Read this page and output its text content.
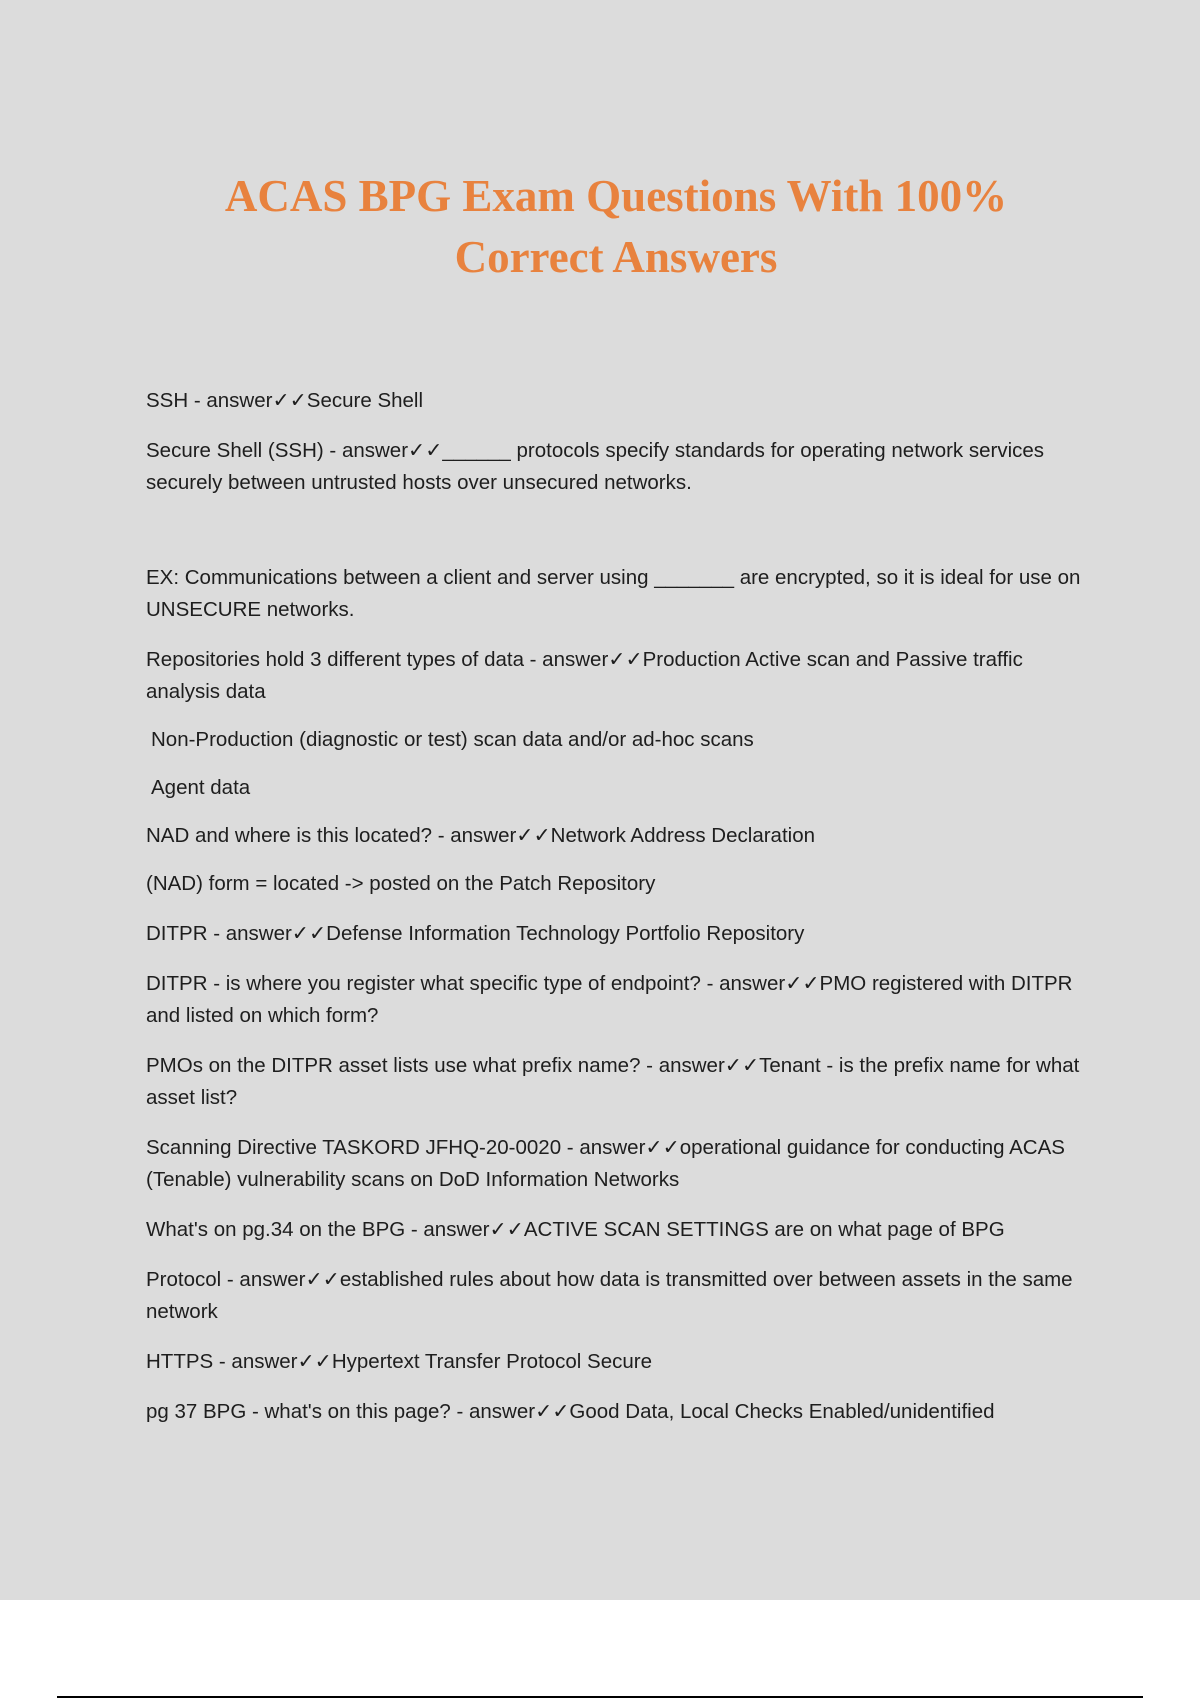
ACAS BPG Exam Questions With 100%
Correct Answers

SSH - answer✓✓Secure Shell

Secure Shell (SSH) - answer✓✓______ protocols specify standards for operating network services securely between untrusted hosts over unsecured networks.

EX: Communications between a client and server using _______ are encrypted, so it is ideal for use on UNSECURE networks.

Repositories hold 3 different types of data - answer✓✓Production Active scan and Passive traffic analysis data

Non-Production (diagnostic or test) scan data and/or ad-hoc scans

Agent data

NAD and where is this located? - answer✓✓Network Address Declaration

(NAD) form = located -> posted on the Patch Repository

DITPR - answer✓✓Defense Information Technology Portfolio Repository

DITPR - is where you register what specific type of endpoint? - answer✓✓PMO registered with DITPR and listed on which form?

PMOs on the DITPR asset lists use what prefix name? - answer✓✓Tenant - is the prefix name for what asset list?

Scanning Directive TASKORD JFHQ-20-0020 - answer✓✓operational guidance for conducting ACAS (Tenable) vulnerability scans on DoD Information Networks

What's on pg.34 on the BPG - answer✓✓ACTIVE SCAN SETTINGS are on what page of BPG

Protocol - answer✓✓established rules about how data is transmitted over between assets in the same network

HTTPS - answer✓✓Hypertext Transfer Protocol Secure

pg 37 BPG - what's on this page? - answer✓✓Good Data, Local Checks Enabled/unidentified
